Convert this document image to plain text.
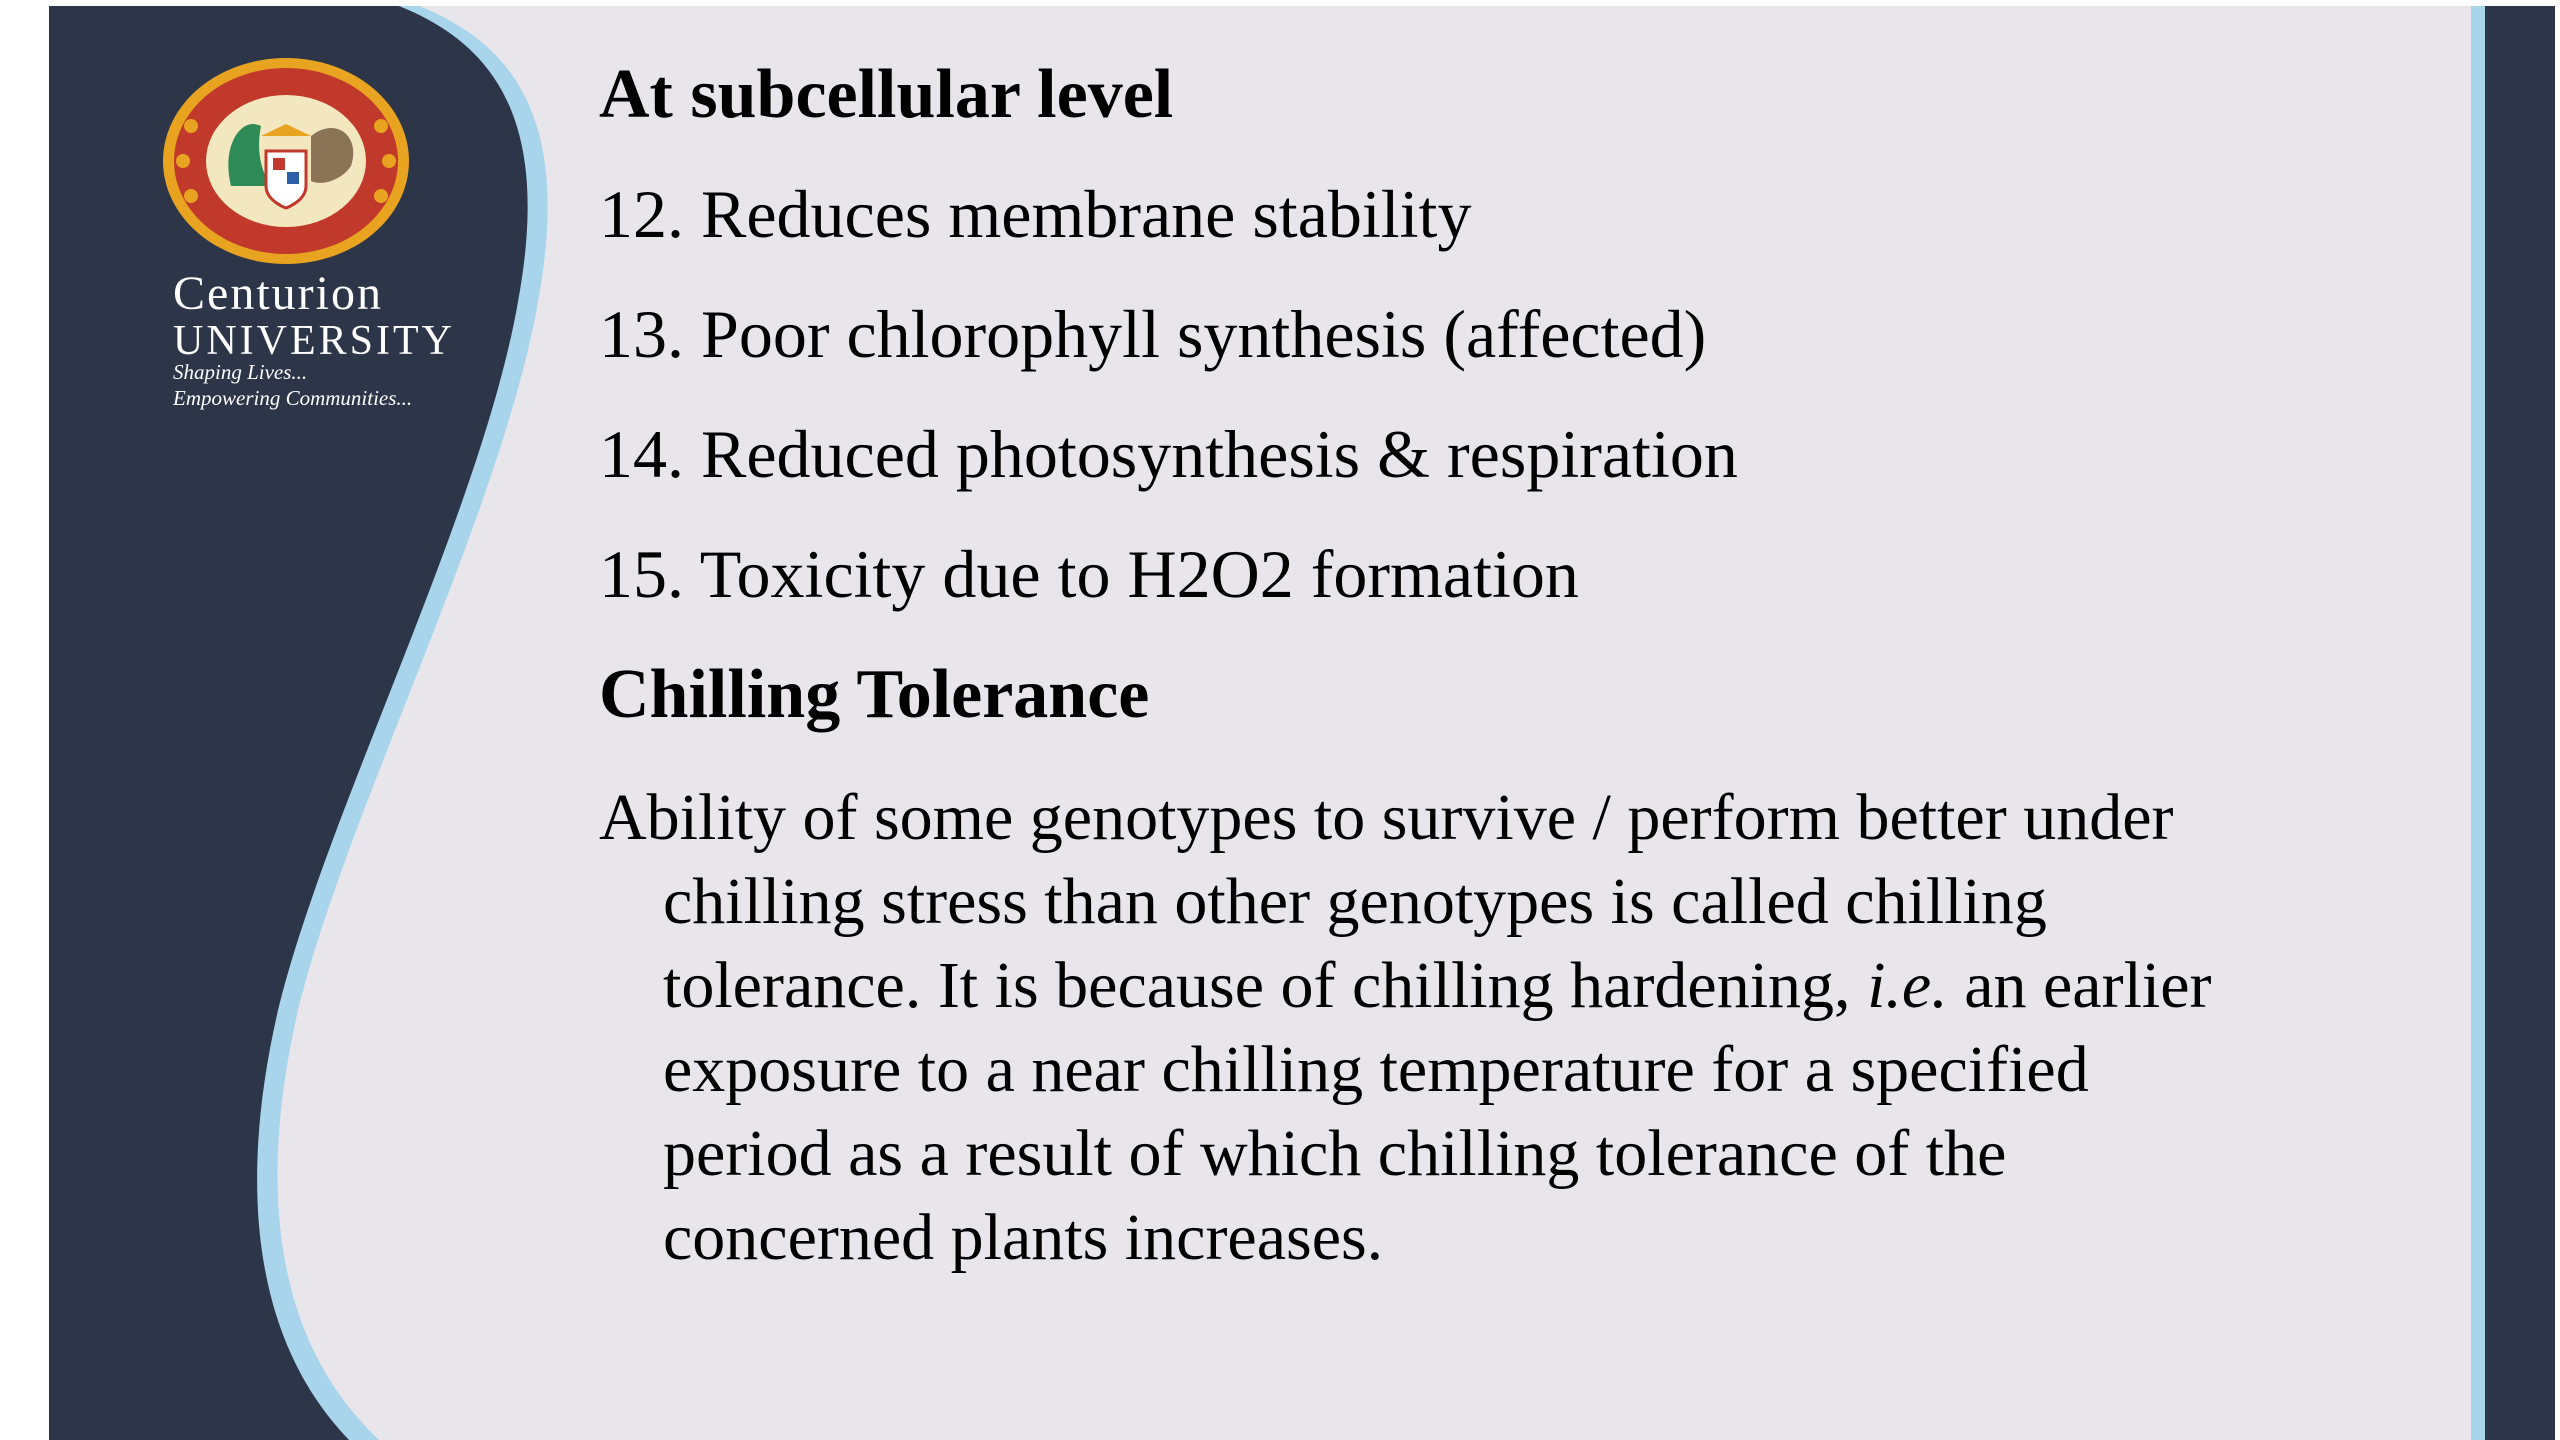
Centurion
UNIVERSITY
Shaping Lives...
Empowering Communities...
At subcellular level

12. Reduces membrane stability

13. Poor chlorophyll synthesis (affected)

14. Reduced photosynthesis & respiration

15. Toxicity due to H2O2 formation

Chilling Tolerance
Ability of some genotypes to survive / perform better under
chilling stress than other genotypes is called chilling
tolerance. It is because of chilling hardening, i.e. an earlier
exposure to a near chilling temperature for a specified
period as a result of which chilling tolerance of the
concerned plants increases.
